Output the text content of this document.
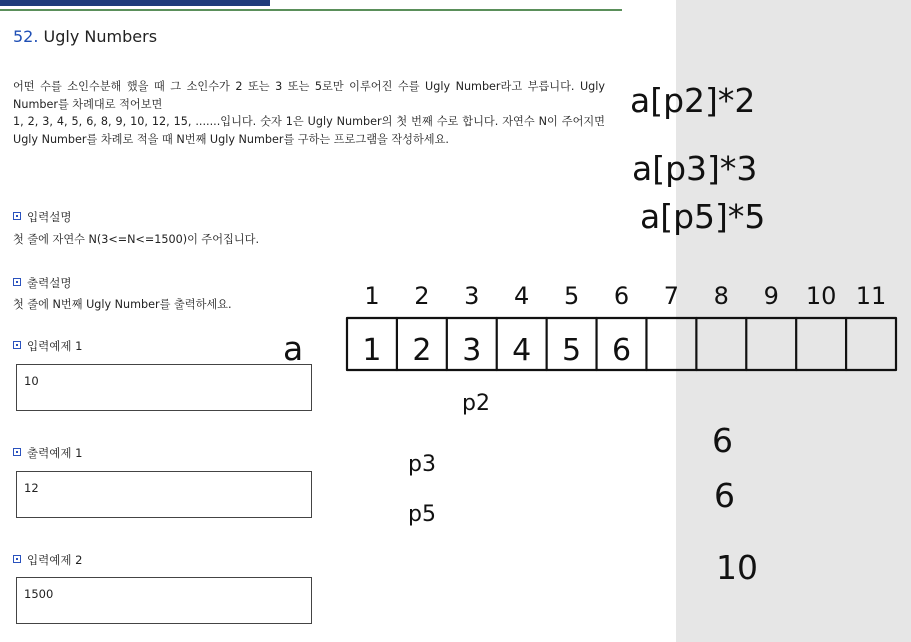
52. Ugly Numbers

어떤 수를 소인수분해 했을 때 그 소인수가 2 또는 3 또는 5로만 이루어진 수를 Ugly Number라고 부릅니다. Ugly Number를 차례대로 적어보면

1, 2, 3, 4, 5, 6, 8, 9, 10, 12, 15, .......입니다. 숫자 1은 Ugly Number의 첫 번째 수로 합니다. 자연수 N이 주어지면 Ugly Number를 차례로 적을 때 N번째 Ugly Number를 구하는 프로그램을 작성하세요.

입력설명
첫 줄에 자연수 N(3<=N<=1500)이 주어집니다.
출력설명
첫 줄에 N번째 Ugly Number를 출력하세요.
입력예제 1
10
출력예제 1
12
입력예제 2
1500
a[p2]*2
a[p3]*3
a[p5]*5
1 2 3 4 5 6 7 8 9 10 11
a 1 2 3 4 5 6
p2
p3
p5
6
6
10
